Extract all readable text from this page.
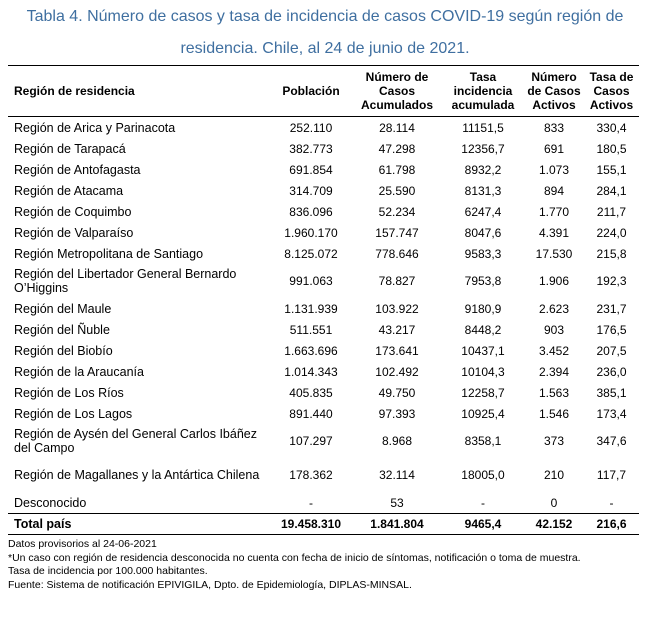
Tabla 4. Número de casos y tasa de incidencia de casos COVID-19 según región de
residencia. Chile, al 24 de junio de 2021.
Región de residencia	Población	Número de Casos Acumulados	Tasa incidencia acumulada	Número de Casos Activos	Tasa de Casos Activos
Región de Arica y Parinacota	252.110	28.114	11151,5	833	330,4
Región de Tarapacá	382.773	47.298	12356,7	691	180,5
Región de Antofagasta	691.854	61.798	8932,2	1.073	155,1
Región de Atacama	314.709	25.590	8131,3	894	284,1
Región de Coquimbo	836.096	52.234	6247,4	1.770	211,7
Región de Valparaíso	1.960.170	157.747	8047,6	4.391	224,0
Región Metropolitana de Santiago	8.125.072	778.646	9583,3	17.530	215,8
Región del Libertador General Bernardo O’Higgins	991.063	78.827	7953,8	1.906	192,3
Región del Maule	1.131.939	103.922	9180,9	2.623	231,7
Región del Ñuble	511.551	43.217	8448,2	903	176,5
Región del Biobío	1.663.696	173.641	10437,1	3.452	207,5
Región de la Araucanía	1.014.343	102.492	10104,3	2.394	236,0
Región de Los Ríos	405.835	49.750	12258,7	1.563	385,1
Región de Los Lagos	891.440	97.393	10925,4	1.546	173,4
Región de Aysén del General Carlos Ibáñez del Campo	107.297	8.968	8358,1	373	347,6
Región de Magallanes y la Antártica Chilena	178.362	32.114	18005,0	210	117,7
Desconocido	-	53	-	0	-
Total país	19.458.310	1.841.804	9465,4	42.152	216,6
Datos provisorios al 24-06-2021
*Un caso con región de residencia desconocida no cuenta con fecha de inicio de síntomas, notificación o toma de muestra.
Tasa de incidencia por 100.000 habitantes.
Fuente: Sistema de notificación EPIVIGILA, Dpto. de Epidemiología, DIPLAS-MINSAL.
